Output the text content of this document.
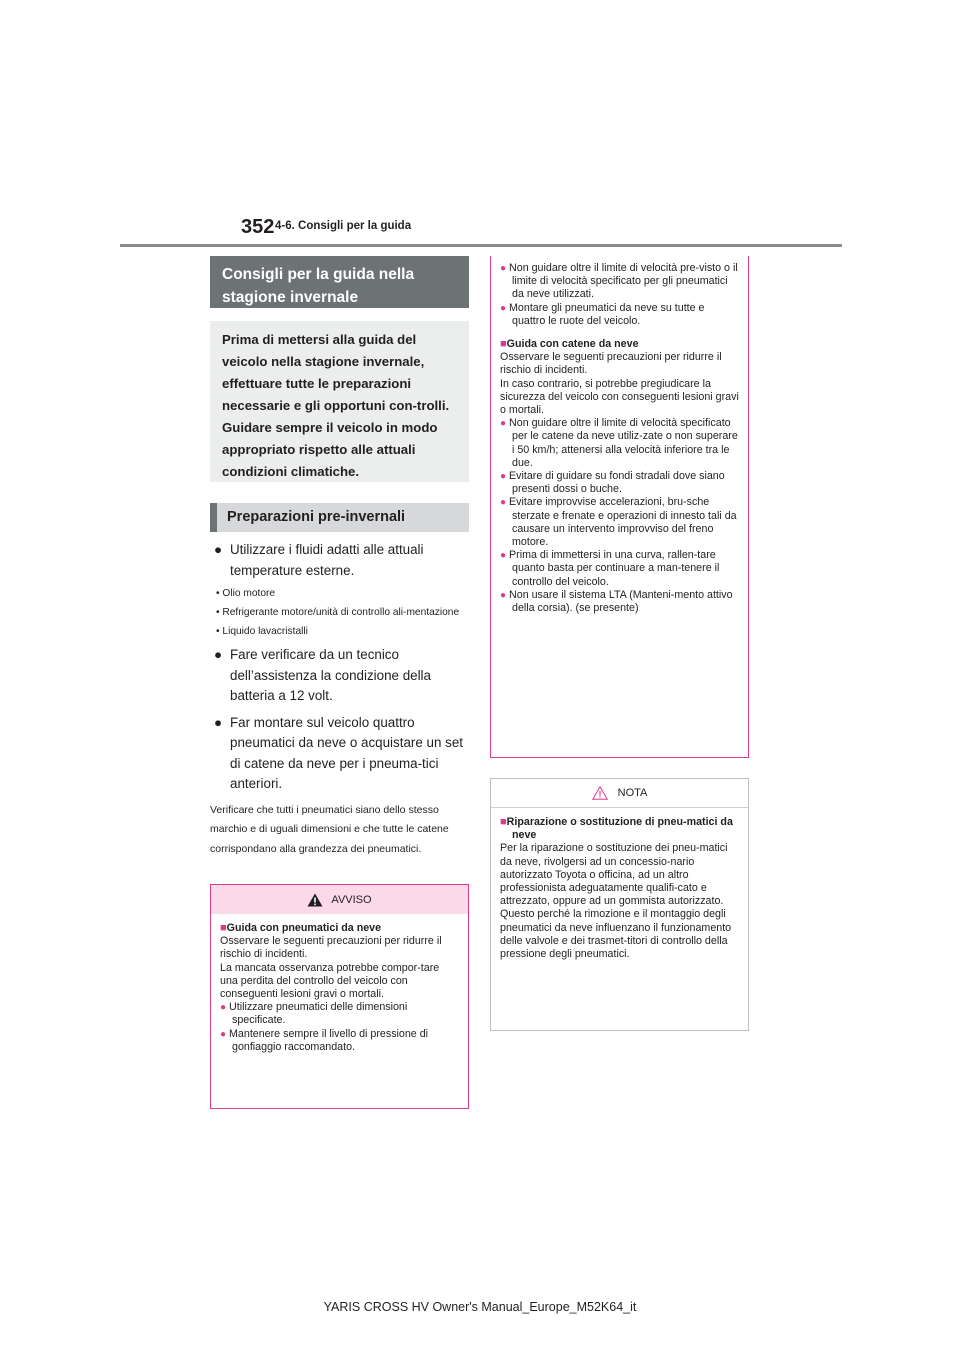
352 4-6. Consigli per la guida
Consigli per la guida nella stagione invernale
Prima di mettersi alla guida del veicolo nella stagione invernale, effettuare tutte le preparazioni necessarie e gli opportuni con-trolli. Guidare sempre il veicolo in modo appropriato rispetto alle attuali condizioni climatiche.
Preparazioni pre-invernali
● Utilizzare i fluidi adatti alle attuali temperature esterne.
• Olio motore
• Refrigerante motore/unità di controllo ali-mentazione
• Liquido lavacristalli
● Fare verificare da un tecnico dell’assistenza la condizione della batteria a 12 volt.
● Far montare sul veicolo quattro pneumatici da neve o acquistare un set di catene da neve per i pneuma-tici anteriori.
Verificare che tutti i pneumatici siano dello stesso marchio e di uguali dimensioni e che tutte le catene corrispondano alla grandezza dei pneumatici.
AVVISO

■Guida con pneumatici da neve

Osservare le seguenti precauzioni per ridurre il rischio di incidenti.

La mancata osservanza potrebbe compor-tare una perdita del controllo del veicolo con conseguenti lesioni gravi o mortali.

● Utilizzare pneumatici delle dimensioni specificate.

● Mantenere sempre il livello di pressione di gonfiaggio raccomandato.

● Non guidare oltre il limite di velocità pre-visto o il limite di velocità specificato per gli pneumatici da neve utilizzati.

● Montare gli pneumatici da neve su tutte e quattro le ruote del veicolo.

■Guida con catene da neve

Osservare le seguenti precauzioni per ridurre il rischio di incidenti.

In caso contrario, si potrebbe pregiudicare la sicurezza del veicolo con conseguenti lesioni gravi o mortali.

● Non guidare oltre il limite di velocità specificato per le catene da neve utiliz-zate o non superare i 50 km/h; attenersi alla velocità inferiore tra le due.

● Evitare di guidare su fondi stradali dove siano presenti dossi o buche.

● Evitare improvvise accelerazioni, bru-sche sterzate e frenate e operazioni di innesto tali da causare un intervento improvviso del freno motore.

● Prima di immettersi in una curva, rallen-tare quanto basta per continuare a man-tenere il controllo del veicolo.

● Non usare il sistema LTA (Manteni-mento attivo della corsia). (se presente)

NOTA

■Riparazione o sostituzione di pneu-matici da neve

Per la riparazione o sostituzione dei pneu-matici da neve, rivolgersi ad un concessio-nario autorizzato Toyota o officina, ad un altro professionista adeguatamente qualifi-cato e attrezzato, oppure ad un gommista autorizzato.

Questo perché la rimozione e il montaggio degli pneumatici da neve influenzano il funzionamento delle valvole e dei trasmet-titori di controllo della pressione degli pneumatici.

YARIS CROSS HV Owner's Manual_Europe_M52K64_it
